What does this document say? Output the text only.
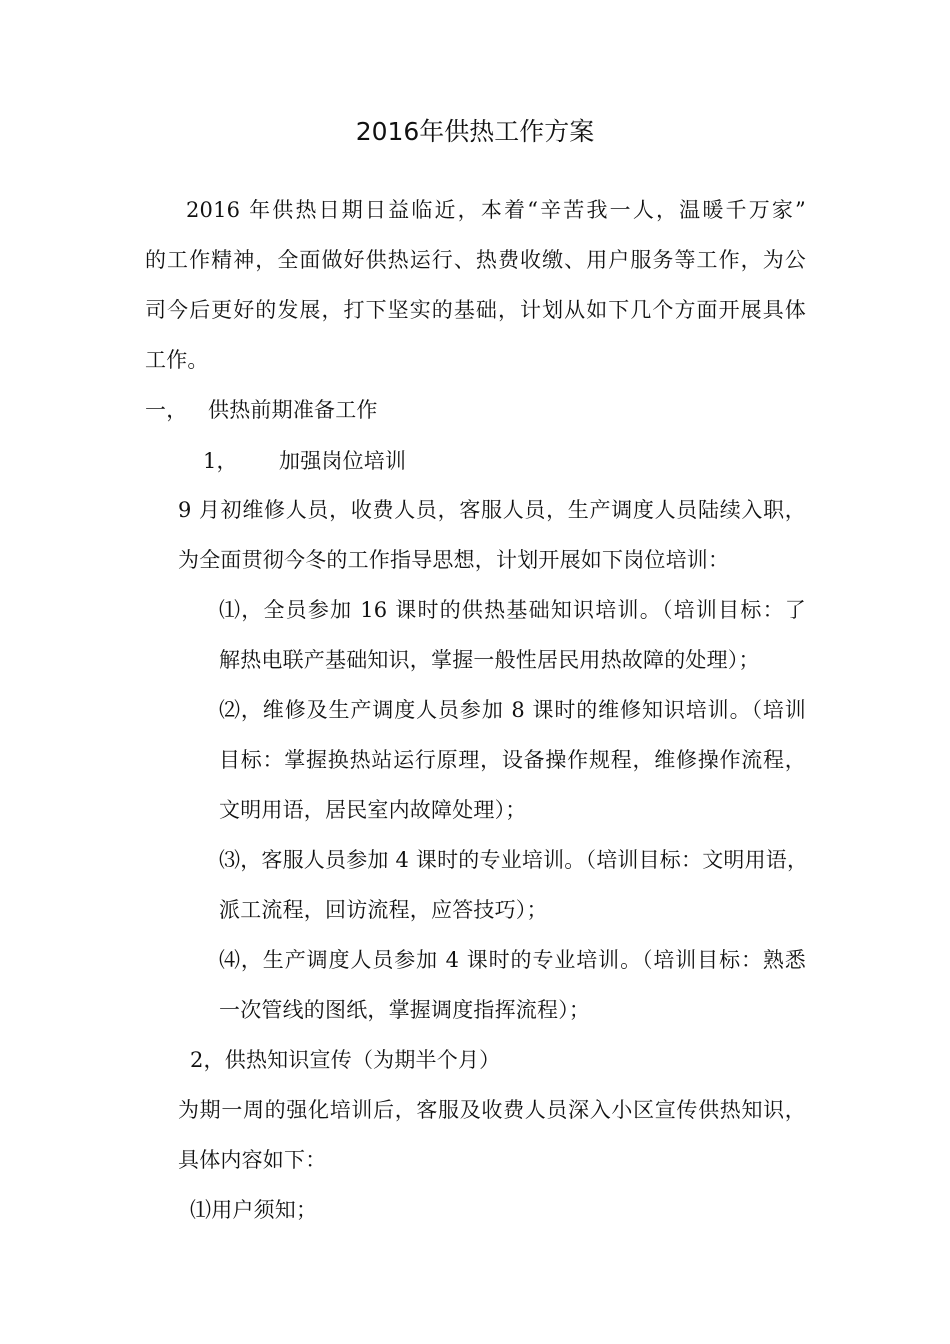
2016年供热工作方案
2016 年供热日期日益临近，本着“辛苦我一人，温暖千万家”
的工作精神，全面做好供热运行、热费收缴、用户服务等工作，为公
司今后更好的发展，打下坚实的基础，计划从如下几个方面开展具体
工作。
一，   供热前期准备工作
1，      加强岗位培训
9 月初维修人员，收费人员，客服人员，生产调度人员陆续入职，
为全面贯彻今冬的工作指导思想，计划开展如下岗位培训：
⑴，全员参加 16 课时的供热基础知识培训。（培训目标：了
解热电联产基础知识，掌握一般性居民用热故障的处理）；
⑵，维修及生产调度人员参加 8 课时的维修知识培训。（培训
目标：掌握换热站运行原理，设备操作规程，维修操作流程，
文明用语，居民室内故障处理）；
⑶，客服人员参加 4 课时的专业培训。（培训目标：文明用语，
派工流程，回访流程，应答技巧）；
⑷，生产调度人员参加 4 课时的专业培训。（培训目标：熟悉
一次管线的图纸，掌握调度指挥流程）；
2，供热知识宣传（为期半个月）
为期一周的强化培训后，客服及收费人员深入小区宣传供热知识，
具体内容如下：
⑴用户须知；
